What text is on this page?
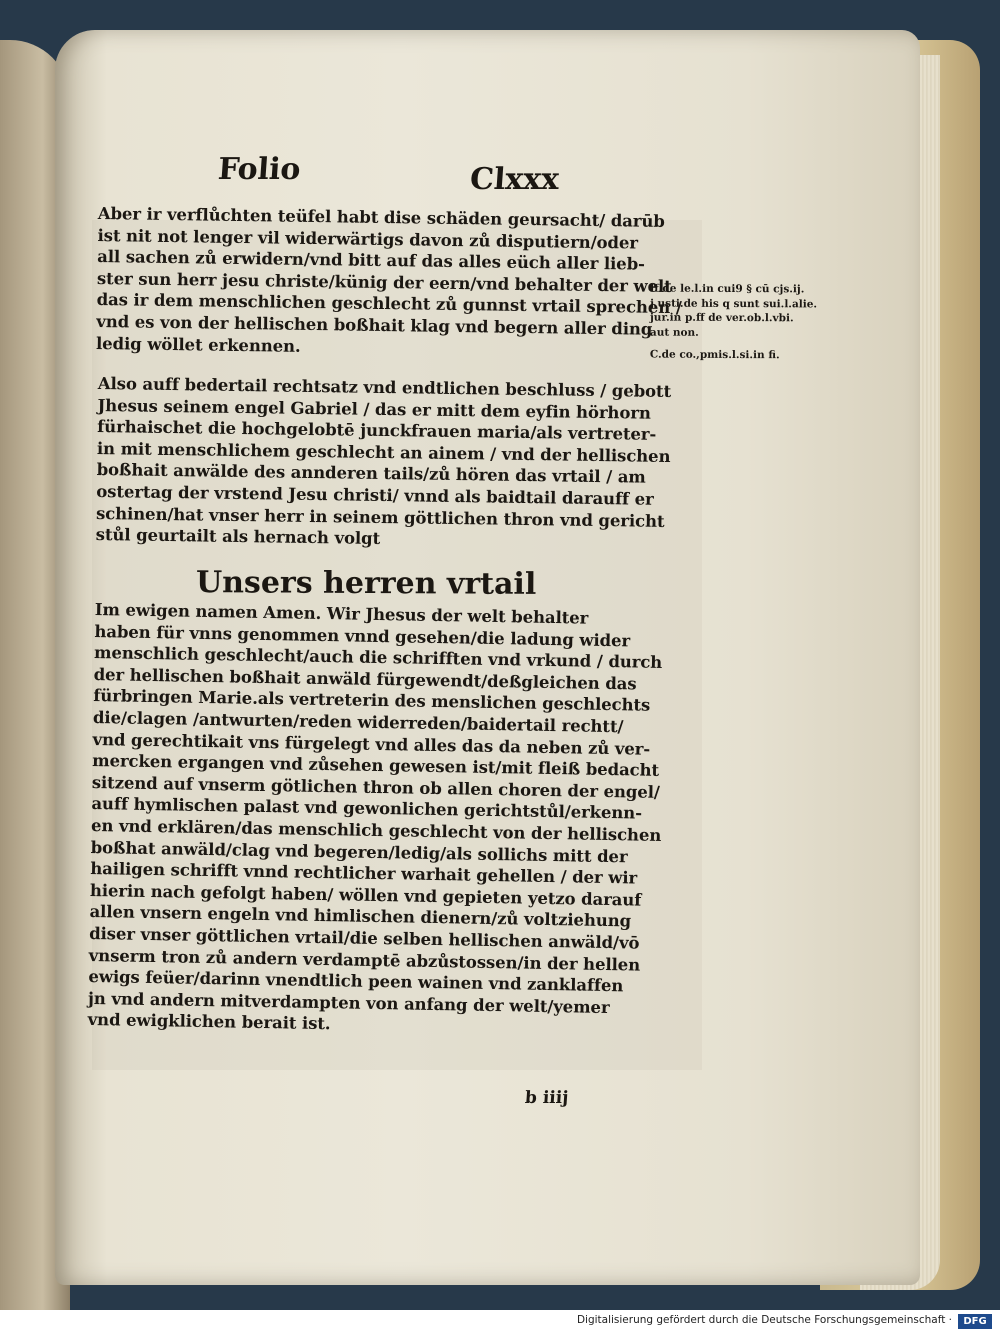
Folio	Clxxx
Aber ir verflůchten teüfel habt dise schäden geursacht/ darūb
ist nit not lenger vil widerwärtigs davon zů disputiern/oder
all sachen zů erwidern/vnd bitt auf das alles eüch aller lieb-
ster sun herr jesu christe/künig der eern/vnd behalter der welt
das ir dem menschlichen geschlecht zů gunnst vrtail sprechen /
vnd es von der hellischen boßhait klag vnd begern aller ding
ledig wöllet erkennen.
Also auff bedertail rechtsatz vnd endtlichen beschluss / gebott
Jhesus seinem engel Gabriel / das er mitt dem eyfin hörhorn
fürhaischet die hochgelobtē junckfrauen maria/als vertreter-
in mit menschlichem geschlecht an ainem / vnd der hellischen
boßhait anwälde des annderen tails/zů hören das vrtail / am
ostertag der vrstend Jesu christi/ vnnd als baidtail darauff er
schinen/hat vnser herr in seinem göttlichen thron vnd gericht
stůl geurtailt als hernach volgt
Unsers herren vrtail
Im ewigen namen Amen. Wir Jhesus der welt behalter
haben für vnns genommen vnnd gesehen/die ladung wider
menschlich geschlecht/auch die schrifften vnd vrkund / durch
der hellischen boßhait anwäld fürgewendt/deßgleichen das
fürbringen Marie.als vertreterin des menslichen geschlechts
die/clagen /antwurten/reden widerreden/baidertail rechtt/
vnd gerechtikait vns fürgelegt vnd alles das da neben zů ver-
mercken ergangen vnd zůsehen gewesen ist/mit fleiß bedacht
sitzend auf vnserm götlichen thron ob allen choren der engel/
auff hymlischen palast vnd gewonlichen gerichtstůl/erkenn-
en vnd erklären/das menschlich geschlecht von der hellischen
boßhat anwäld/clag vnd begeren/ledig/als sollichs mitt der
hailigen schrifft vnnd rechtlicher warhait gehellen / der wir
hierin nach gefolgt haben/ wöllen vnd gepieten yetzo darauf
allen vnsern engeln vnd himlischen dienern/zů voltziehung
diser vnser göttlichen vrtail/die selben hellischen anwäld/vō
vnserm tron zů andern verdamptē abzůstossen/in der hellen
ewigs feüer/darinn vnendtlich peen wainen vnd zanklaffen
jn vnd andern mitverdampten von anfang der welt/yemer
vnd ewigklichen berait ist.
ff.de le.l.in cui9 § cū cjs.ij.
j usti.de his q sunt sui.l.alie.
jur.in p.ff de ver.ob.l.vbi.
aut non.
C.de co.,pmis.l.si.in fi.
b iiij
Digitalisierung gefördert durch die Deutsche Forschungsgemeinschaft ·	DFG
